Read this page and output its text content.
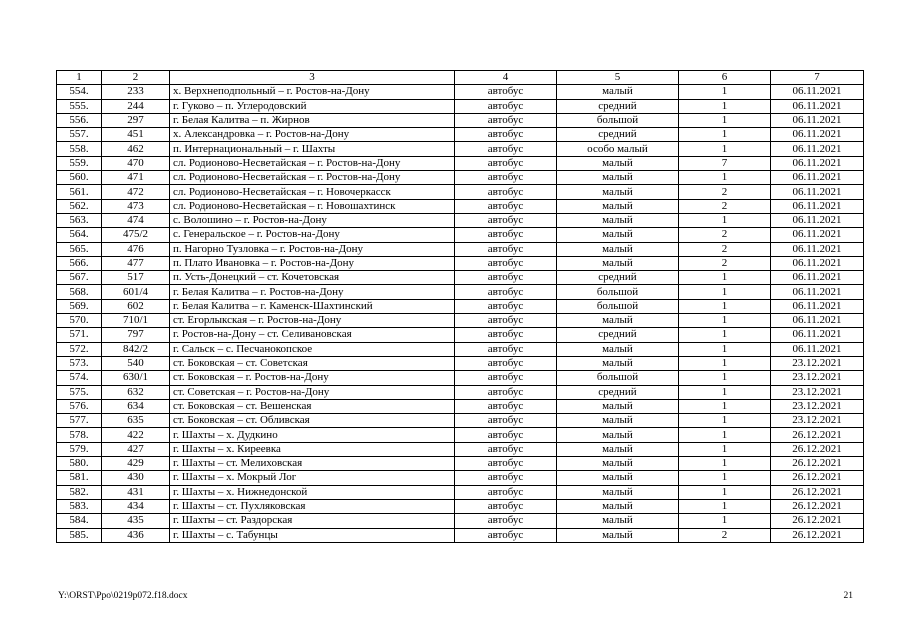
1	2	3	4	5	6	7
554.	233	х. Верхнеподпольный – г. Ростов-на-Дону	автобус	малый	1	06.11.2021
555.	244	г. Гуково – п. Углеродовский	автобус	средний	1	06.11.2021
556.	297	г. Белая Калитва – п. Жирнов	автобус	большой	1	06.11.2021
557.	451	х. Александровка – г. Ростов-на-Дону	автобус	средний	1	06.11.2021
558.	462	п. Интернациональный – г. Шахты	автобус	особо малый	1	06.11.2021
559.	470	сл. Родионово-Несветайская – г. Ростов-на-Дону	автобус	малый	7	06.11.2021
560.	471	сл. Родионово-Несветайская – г. Ростов-на-Дону	автобус	малый	1	06.11.2021
561.	472	сл. Родионово-Несветайская – г. Новочеркасск	автобус	малый	2	06.11.2021
562.	473	сл. Родионово-Несветайская – г. Новошахтинск	автобус	малый	2	06.11.2021
563.	474	с. Волошино – г. Ростов-на-Дону	автобус	малый	1	06.11.2021
564.	475/2	с. Генеральское – г. Ростов-на-Дону	автобус	малый	2	06.11.2021
565.	476	п. Нагорно Тузловка – г. Ростов-на-Дону	автобус	малый	2	06.11.2021
566.	477	п. Плато Ивановка – г. Ростов-на-Дону	автобус	малый	2	06.11.2021
567.	517	п. Усть-Донецкий – ст. Кочетовская	автобус	средний	1	06.11.2021
568.	601/4	г. Белая Калитва – г. Ростов-на-Дону	автобус	большой	1	06.11.2021
569.	602	г. Белая Калитва – г. Каменск-Шахтинский	автобус	большой	1	06.11.2021
570.	710/1	ст. Егорлыкская – г. Ростов-на-Дону	автобус	малый	1	06.11.2021
571.	797	г. Ростов-на-Дону – ст. Селивановская	автобус	средний	1	06.11.2021
572.	842/2	г. Сальск – с. Песчанокопское	автобус	малый	1	06.11.2021
573.	540	ст. Боковская – ст. Советская	автобус	малый	1	23.12.2021
574.	630/1	ст. Боковская – г. Ростов-на-Дону	автобус	большой	1	23.12.2021
575.	632	ст. Советская – г. Ростов-на-Дону	автобус	средний	1	23.12.2021
576.	634	ст. Боковская – ст. Вешенская	автобус	малый	1	23.12.2021
577.	635	ст. Боковская – ст. Обливская	автобус	малый	1	23.12.2021
578.	422	г. Шахты – х. Дудкино	автобус	малый	1	26.12.2021
579.	427	г. Шахты – х. Киреевка	автобус	малый	1	26.12.2021
580.	429	г. Шахты – ст. Мелиховская	автобус	малый	1	26.12.2021
581.	430	г. Шахты – х. Мокрый Лог	автобус	малый	1	26.12.2021
582.	431	г. Шахты – х. Нижнедонской	автобус	малый	1	26.12.2021
583.	434	г. Шахты – ст. Пухляковская	автобус	малый	1	26.12.2021
584.	435	г. Шахты – ст. Раздорская	автобус	малый	1	26.12.2021
585.	436	г. Шахты – с. Табунцы	автобус	малый	2	26.12.2021
Y:\ORST\Ppo\0219p072.f18.docx	21
